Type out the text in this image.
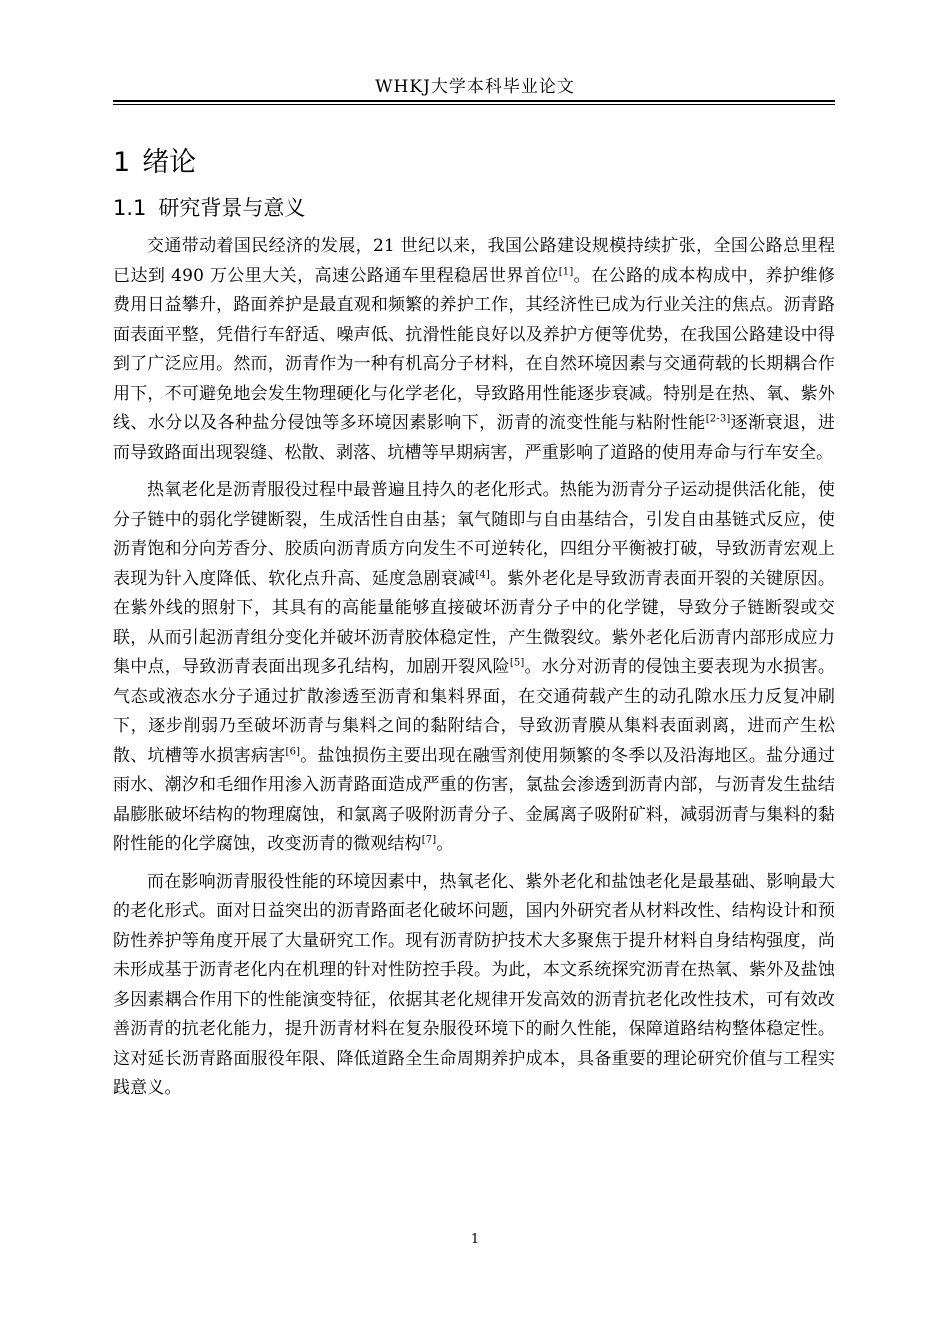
WHKJ大学本科毕业论文
1 绪论
1.1 研究背景与意义

交通带动着国民经济的发展，21 世纪以来，我国公路建设规模持续扩张，全国公路总里程已达到 490 万公里大关，高速公路通车里程稳居世界首位[1]。在公路的成本构成中，养护维修费用日益攀升，路面养护是最直观和频繁的养护工作，其经济性已成为行业关注的焦点。沥青路面表面平整，凭借行车舒适、噪声低、抗滑性能良好以及养护方便等优势，在我国公路建设中得到了广泛应用。然而，沥青作为一种有机高分子材料，在自然环境因素与交通荷载的长期耦合作用下，不可避免地会发生物理硬化与化学老化，导致路用性能逐步衰减。特别是在热、氧、紫外线、水分以及各种盐分侵蚀等多环境因素影响下，沥青的流变性能与粘附性能[2-3]逐渐衰退，进而导致路面出现裂缝、松散、剥落、坑槽等早期病害，严重影响了道路的使用寿命与行车安全。

热氧老化是沥青服役过程中最普遍且持久的老化形式。热能为沥青分子运动提供活化能，使分子链中的弱化学键断裂，生成活性自由基；氧气随即与自由基结合，引发自由基链式反应，使沥青饱和分向芳香分、胶质向沥青质方向发生不可逆转化，四组分平衡被打破，导致沥青宏观上表现为针入度降低、软化点升高、延度急剧衰减[4]。紫外老化是导致沥青表面开裂的关键原因。在紫外线的照射下，其具有的高能量能够直接破坏沥青分子中的化学键，导致分子链断裂或交联，从而引起沥青组分变化并破坏沥青胶体稳定性，产生微裂纹。紫外老化后沥青内部形成应力集中点，导致沥青表面出现多孔结构，加剧开裂风险[5]。水分对沥青的侵蚀主要表现为水损害。气态或液态水分子通过扩散渗透至沥青和集料界面，在交通荷载产生的动孔隙水压力反复冲刷下，逐步削弱乃至破坏沥青与集料之间的黏附结合，导致沥青膜从集料表面剥离，进而产生松散、坑槽等水损害病害[6]。盐蚀损伤主要出现在融雪剂使用频繁的冬季以及沿海地区。盐分通过雨水、潮汐和毛细作用渗入沥青路面造成严重的伤害，氯盐会渗透到沥青内部，与沥青发生盐结晶膨胀破坏结构的物理腐蚀，和氯离子吸附沥青分子、金属离子吸附矿料，减弱沥青与集料的黏附性能的化学腐蚀，改变沥青的微观结构[7]。

而在影响沥青服役性能的环境因素中，热氧老化、紫外老化和盐蚀老化是最基础、影响最大的老化形式。面对日益突出的沥青路面老化破坏问题，国内外研究者从材料改性、结构设计和预防性养护等角度开展了大量研究工作。现有沥青防护技术大多聚焦于提升材料自身结构强度，尚未形成基于沥青老化内在机理的针对性防控手段。为此，本文系统探究沥青在热氧、紫外及盐蚀多因素耦合作用下的性能演变特征，依据其老化规律开发高效的沥青抗老化改性技术，可有效改善沥青的抗老化能力，提升沥青材料在复杂服役环境下的耐久性能，保障道路结构整体稳定性。这对延长沥青路面服役年限、降低道路全生命周期养护成本，具备重要的理论研究价值与工程实践意义。

1
